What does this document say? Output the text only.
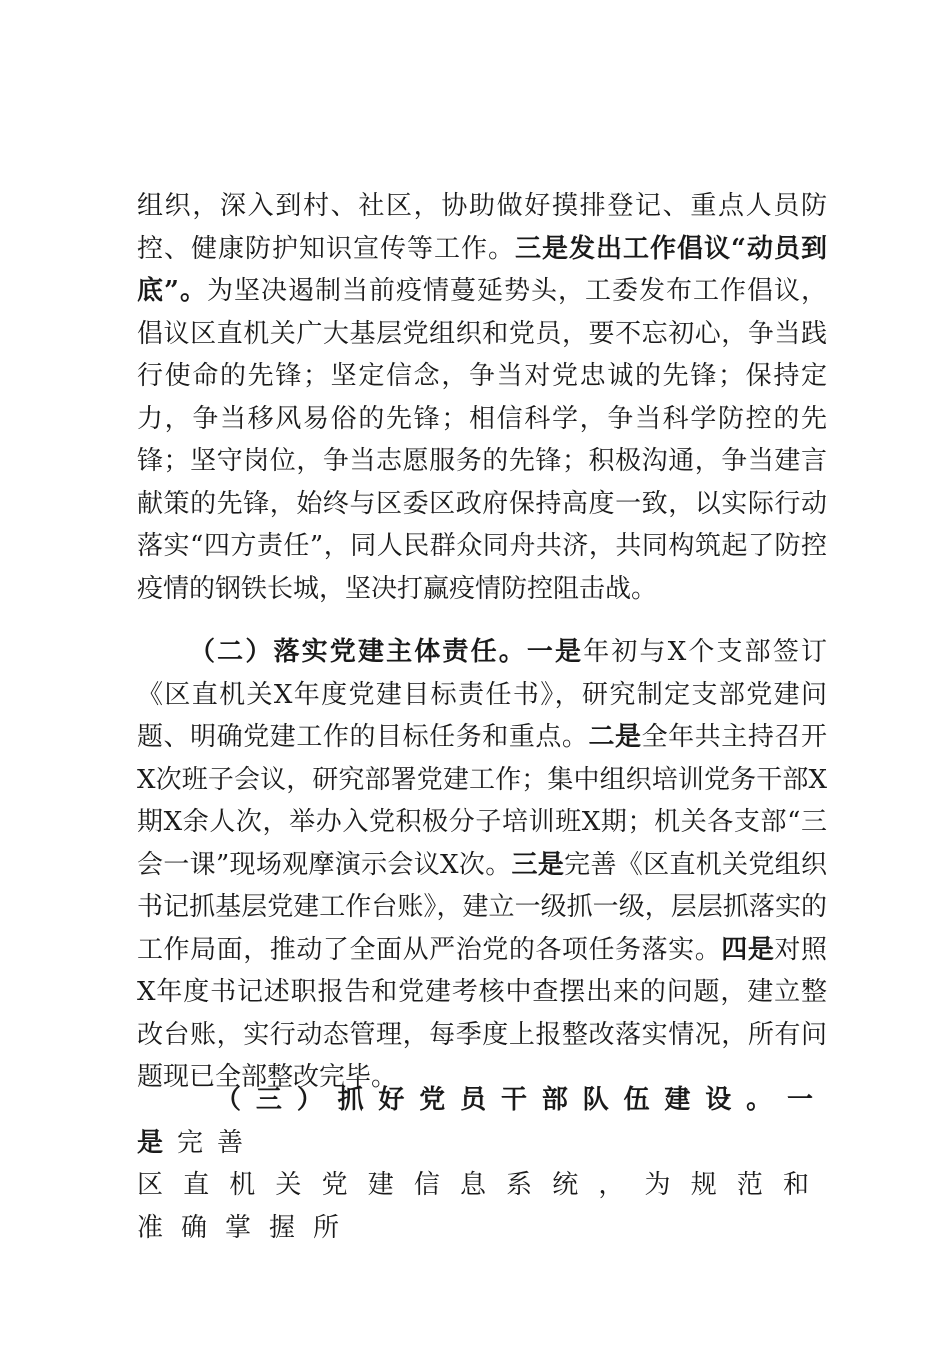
组织，深入到村、社区，协助做好摸排登记、重点人员防控、健康防护知识宣传等工作。三是发出工作倡议“动员到底”。为坚决遏制当前疫情蔓延势头，工委发布工作倡议，倡议区直机关广大基层党组织和党员，要不忘初心，争当践行使命的先锋；坚定信念，争当对党忠诚的先锋；保持定力，争当移风易俗的先锋；相信科学，争当科学防控的先锋；坚守岗位，争当志愿服务的先锋；积极沟通，争当建言献策的先锋，始终与区委区政府保持高度一致，以实际行动落实“四方责任”，同人民群众同舟共济，共同构筑起了防控疫情的钢铁长城，坚决打赢疫情防控阻击战。

（二）落实党建主体责任。一是年初与X个支部签订《区直机关X年度党建目标责任书》，研究制定支部党建问题、明确党建工作的目标任务和重点。二是全年共主持召开X次班子会议，研究部署党建工作；集中组织培训党务干部X期X余人次，举办入党积极分子培训班X期；机关各支部“三会一课”现场观摩演示会议X次。三是完善《区直机关党组织书记抓基层党建工作台账》，建立一级抓一级，层层抓落实的工作局面，推动了全面从严治党的各项任务落实。四是对照X年度书记述职报告和党建考核中查摆出来的问题，建立整改台账，实行动态管理，每季度上报整改落实情况，所有问题现已全部整改完毕。

（三）抓好党员干部队伍建设。一是完善

区直机关党建信息系统，为规范和准确掌握所
